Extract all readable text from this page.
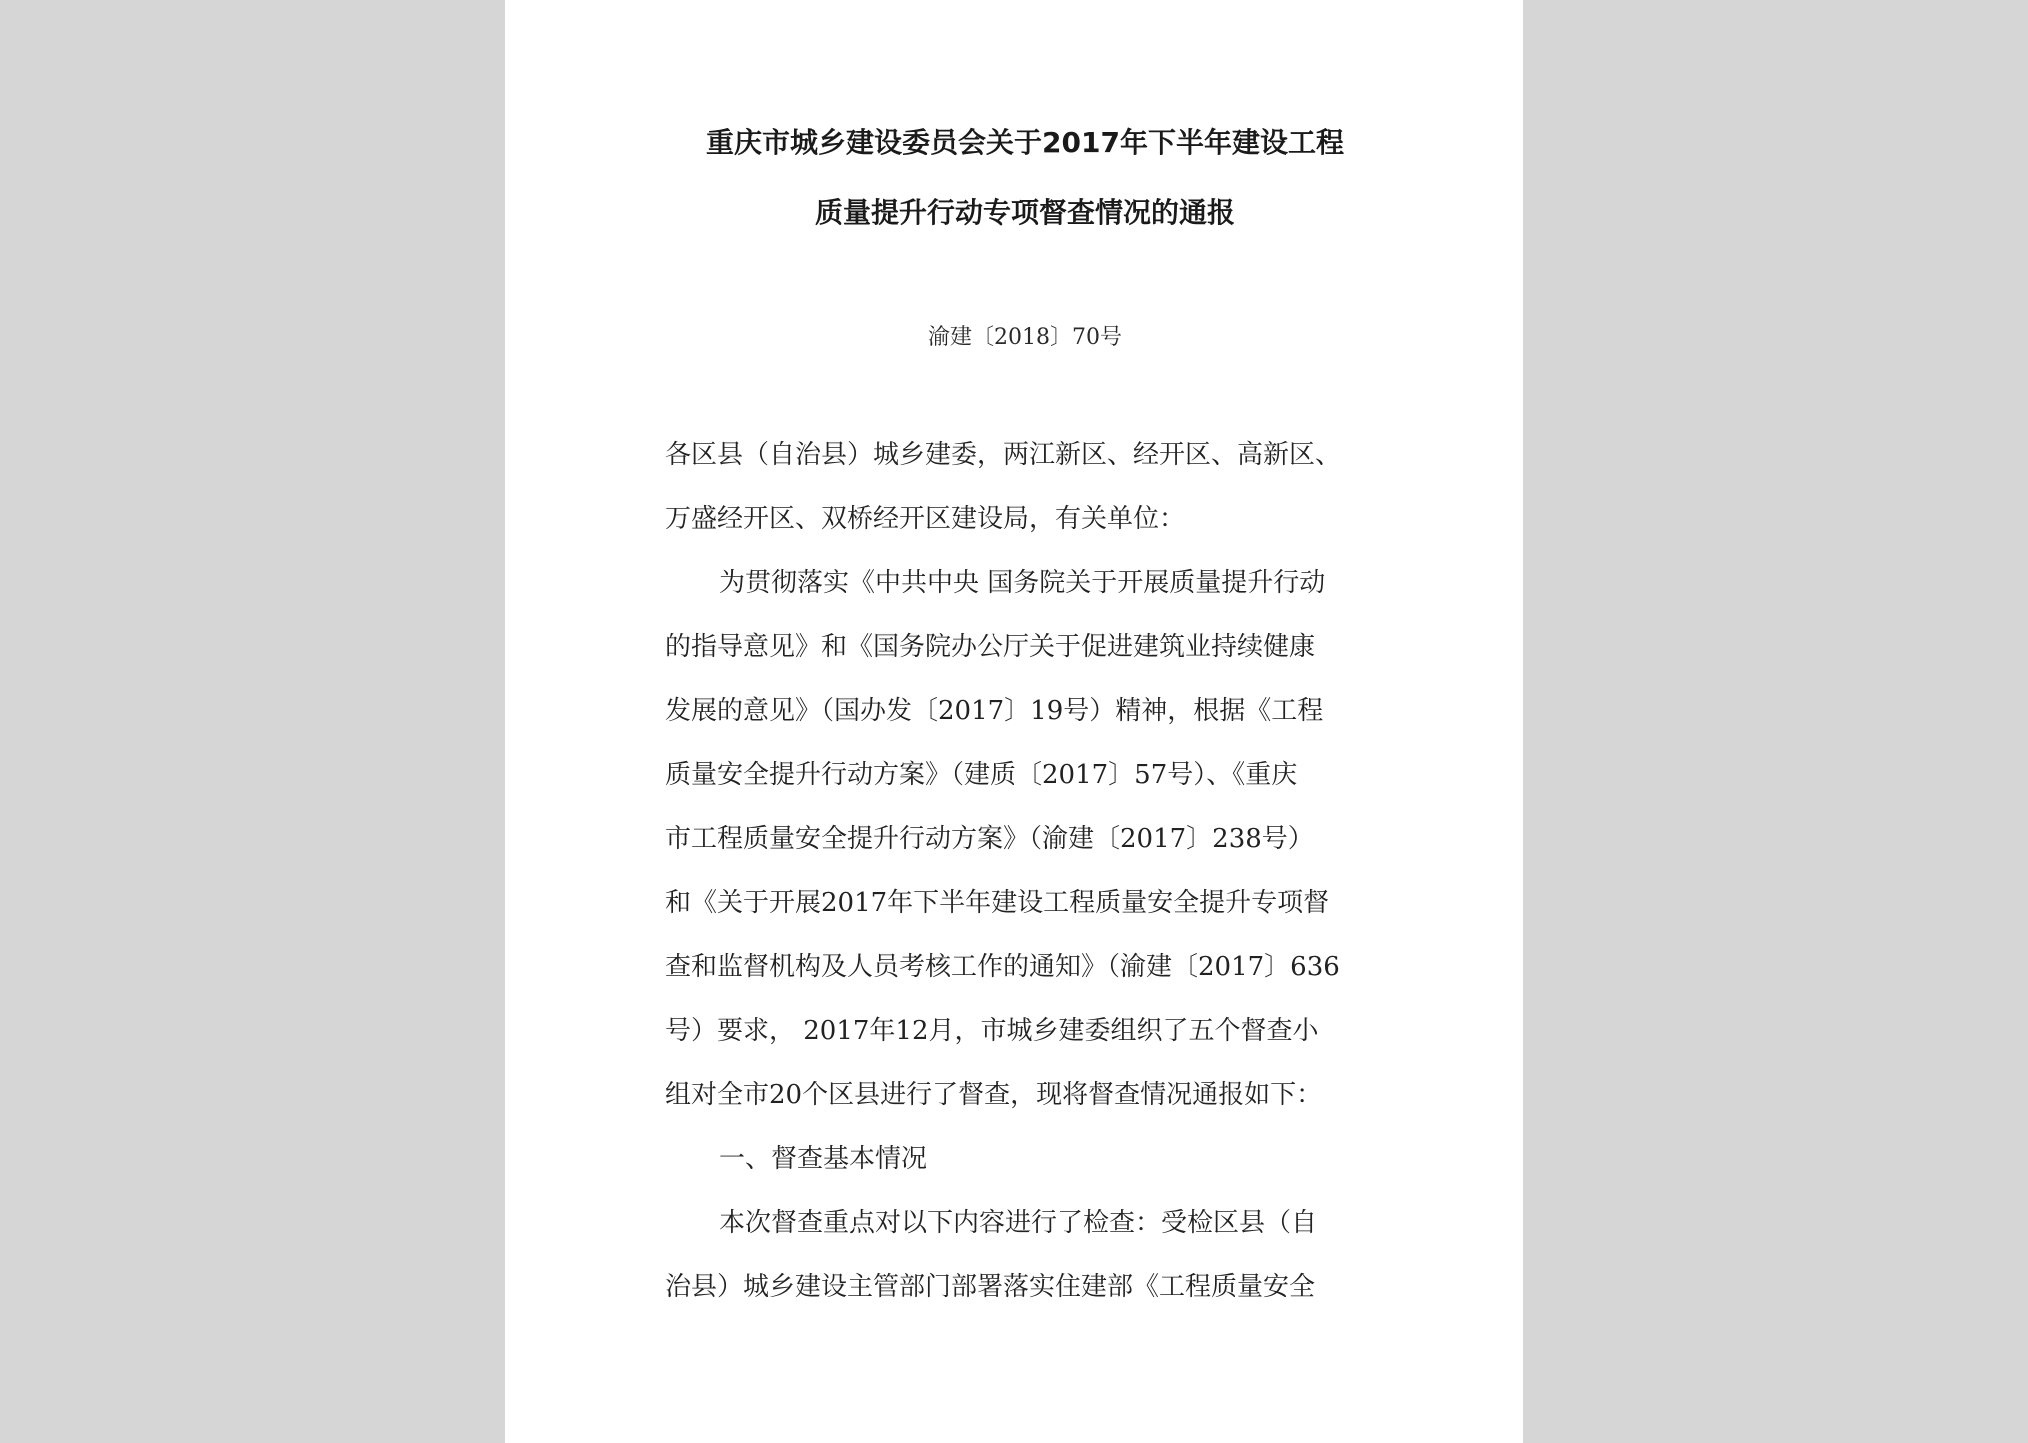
重庆市城乡建设委员会关于2017年下半年建设工程
质量提升行动专项督查情况的通报
渝建〔2018〕70号
各区县（自治县）城乡建委，两江新区、经开区、高新区、
万盛经开区、双桥经开区建设局，有关单位：
为贯彻落实《中共中央 国务院关于开展质量提升行动
的指导意见》和《国务院办公厅关于促进建筑业持续健康
发展的意见》（国办发〔2017〕19号）精神，根据《工程
质量安全提升行动方案》（建质〔2017〕57号）、《重庆
市工程质量安全提升行动方案》（渝建〔2017〕238号）
和《关于开展2017年下半年建设工程质量安全提升专项督
查和监督机构及人员考核工作的通知》（渝建〔2017〕636
号）要求， 2017年12月，市城乡建委组织了五个督查小
组对全市20个区县进行了督查，现将督查情况通报如下：
一、督查基本情况
本次督查重点对以下内容进行了检查：受检区县（自
治县）城乡建设主管部门部署落实住建部《工程质量安全
